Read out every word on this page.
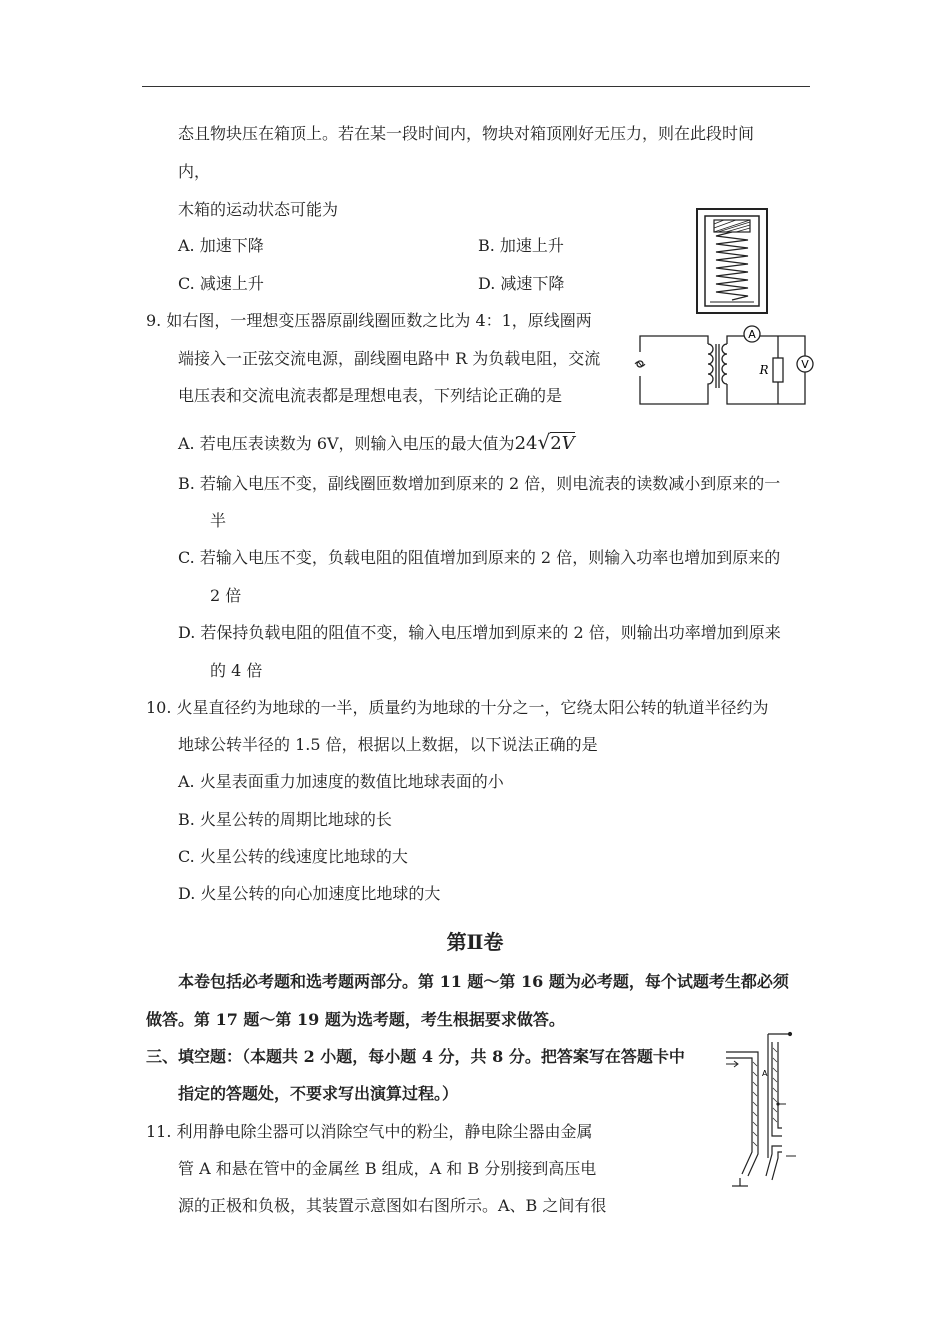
态且物块压在箱顶上。若在某一段时间内，物块对箱顶刚好无压力，则在此段时间
内，
木箱的运动状态可能为
A. 加速下降	B. 加速上升
C. 减速上升	D. 减速下降
9. 如右图，一理想变压器原副线圈匝数之比为 4：1，原线圈两
端接入一正弦交流电源，副线圈电路中 R 为负载电阻，交流
电压表和交流电流表都是理想电表，下列结论正确的是
A
V
R
A. 若电压表读数为 6V，则输入电压的最大值为24√2V
B. 若输入电压不变，副线圈匝数增加到原来的 2 倍，则电流表的读数减小到原来的一
半
C. 若输入电压不变，负载电阻的阻值增加到原来的 2 倍，则输入功率也增加到原来的
2 倍
D. 若保持负载电阻的阻值不变，输入电压增加到原来的 2 倍，则输出功率增加到原来
的 4 倍
10. 火星直径约为地球的一半，质量约为地球的十分之一，它绕太阳公转的轨道半径约为
地球公转半径的 1.5 倍，根据以上数据，以下说法正确的是
A. 火星表面重力加速度的数值比地球表面的小
B. 火星公转的周期比地球的长
C. 火星公转的线速度比地球的大
D. 火星公转的向心加速度比地球的大
第Ⅱ卷
本卷包括必考题和选考题两部分。第 11 题～第 16 题为必考题，每个试题考生都必须
做答。第 17 题～第 19 题为选考题，考生根据要求做答。
三、填空题：（本题共 2 小题，每小题 4 分，共 8 分。把答案写在答题卡中
指定的答题处，不要求写出演算过程。）
11. 利用静电除尘器可以消除空气中的粉尘，静电除尘器由金属
管 A 和悬在管中的金属丝 B 组成，A 和 B 分别接到高压电
源的正极和负极，其装置示意图如右图所示。A、B 之间有很
A
